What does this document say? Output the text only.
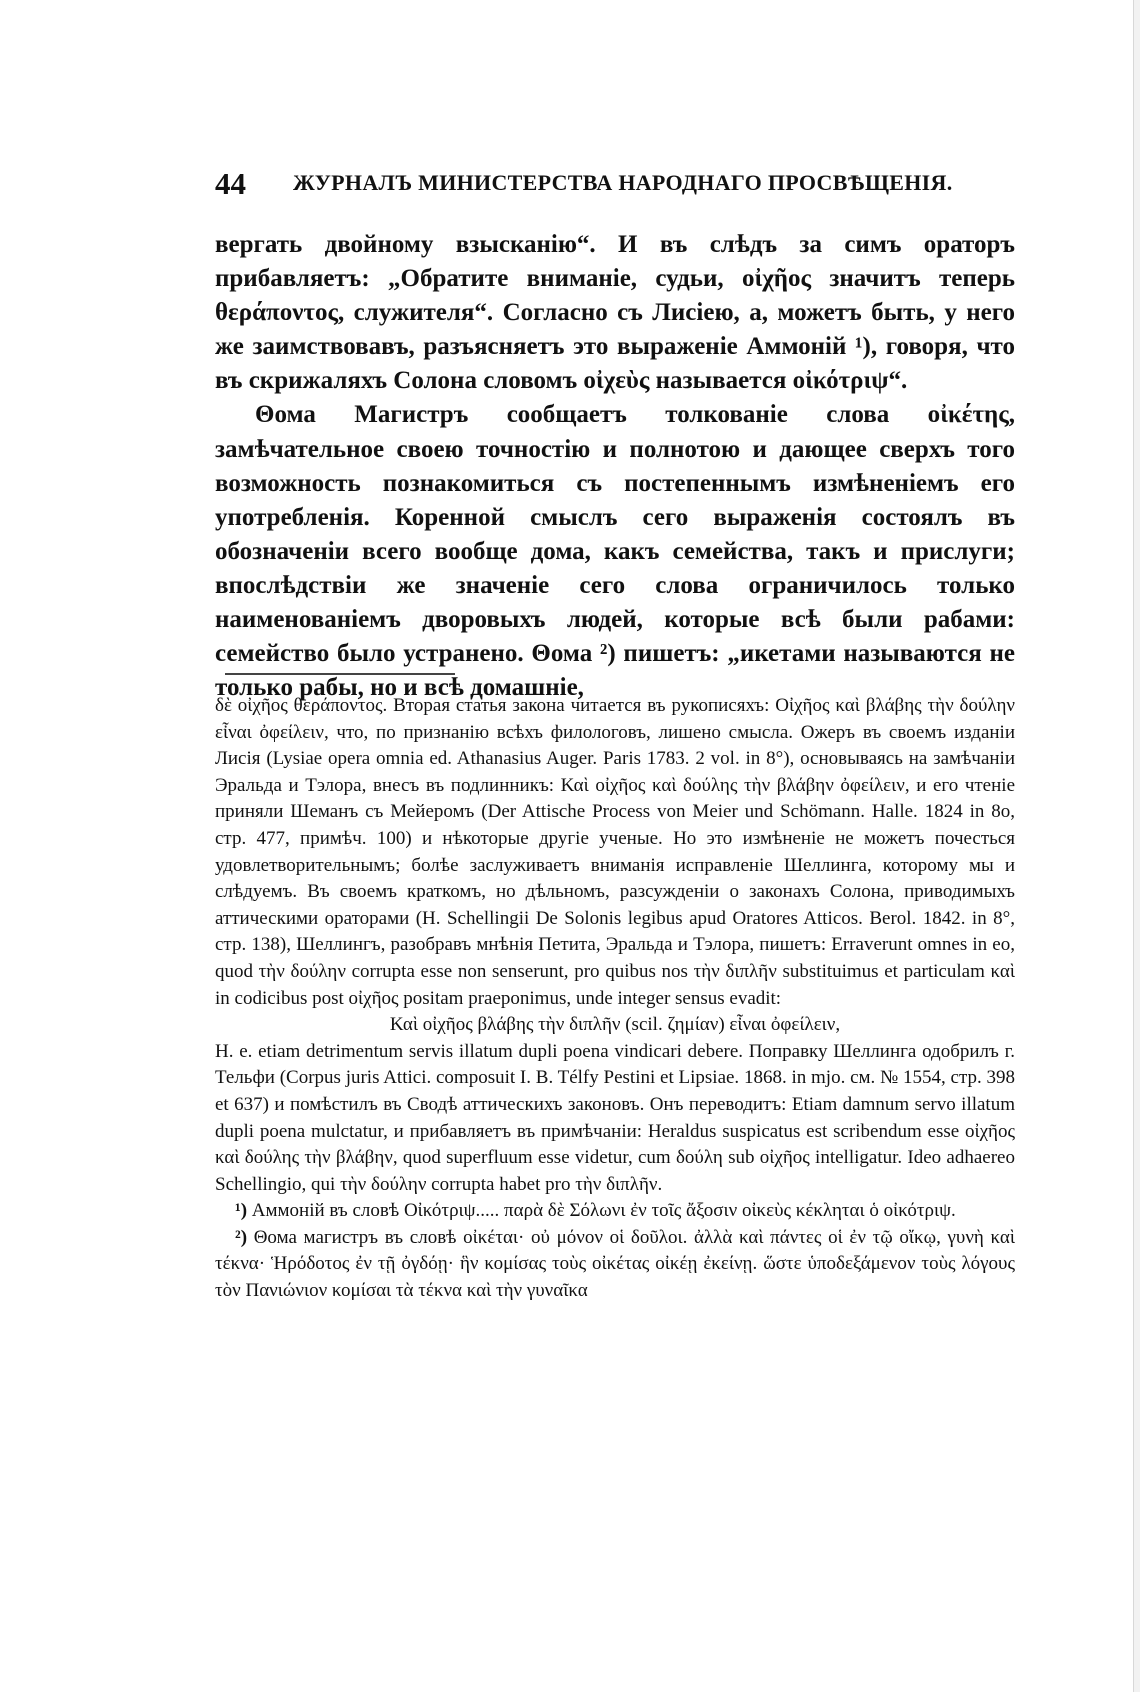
44 ЖУРНАЛЪ МИНИСТЕРСТВА НАРОДНАГО ПРОСВѢЩЕНІЯ.

вергать двойному взысканію“. И въ слѣдъ за симъ ораторъ прибавляетъ: „Обратите вниманіе, судьи, οἰχῆος значитъ теперь θεράποντος, служителя“. Согласно съ Лисіею, а, можетъ быть, у него же заимствовавъ, разъясняетъ это выраженіе Аммоній ¹), говоря, что въ скрижаляхъ Солона словомъ οἰχεὺς называется οἰκότριψ“.

Θома Магистръ сообщаетъ толкованіе слова οἰκέτης, замѣчательное своею точностію и полнотою и дающее сверхъ того возможность познакомиться съ постепеннымъ измѣненіемъ его употребленія. Коренной смыслъ сего выраженія состоялъ въ обозначеніи всего вообще дома, какъ семейства, такъ и прислуги; впослѣдствіи же значеніе сего слова ограничилось только наименованіемъ дворовыхъ людей, которые всѣ были рабами: семейство было устранено. Θома ²) пишетъ: „икетами называются не только рабы, но и всѣ домашніе,

δὲ οἰχῆος θεράποντος. Вторая статья закона читается въ рукописяхъ: Οἰχῆος καὶ βλάβης τὴν δούλην εἶναι ὀφείλειν, что, по признанію всѣхъ филологовъ, лишено смысла. Ожеръ въ своемъ изданіи Лисія (Lysiae opera omnia ed. Athanasius Auger. Paris 1783. 2 vol. in 8°), основываясь на замѣчаніи Эральда и Тэлора, внесъ въ подлинникъ: Καὶ οἰχῆος καὶ δούλης τὴν βλάβην ὀφείλειν, и его чтеніе приняли Шеманъ съ Мейеромъ (Der Attische Process von Meier und Schömann. Halle. 1824 in 8o, стр. 477, примѣч. 100) и нѣкоторые другіе ученые. Но это измѣненіе не можетъ почесться удовлетворительнымъ; болѣе заслуживаетъ вниманія исправленіе Шеллинга, которому мы и слѣдуемъ. Въ своемъ краткомъ, но дѣльномъ, разсужденіи о законахъ Солона, приводимыхъ аттическими ораторами (H. Schellingii De Solonis legibus apud Oratores Atticos. Berol. 1842. in 8°, стр. 138), Шеллингъ, разобравъ мнѣнія Петита, Эральда и Тэлора, пишетъ: Erraverunt omnes in eo, quod τὴν δούλην corrupta esse non senserunt, pro quibus nos τὴν διπλῆν substituimus et particulam καὶ in codicibus post οἰχῆος positam praeponimus, unde integer sensus evadit:

Καὶ οἰχῆος βλάβης τὴν διπλῆν (scil. ζημίαν) εἶναι ὀφείλειν,

H. e. etiam detrimentum servis illatum dupli poena vindicari debere. Поправку Шеллинга одобрилъ г. Тельфи (Corpus juris Attici. composuit I. B. Télfy Pestini et Lipsiae. 1868. in mjo. см. № 1554, стр. 398 et 637) и помѣстилъ въ Сводѣ аттическихъ законовъ. Онъ переводитъ: Etiam damnum servo illatum dupli poena mulctatur, и прибавляетъ въ примѣчаніи: Heraldus suspicatus est scribendum esse οἰχῆος καὶ δούλης τὴν βλάβην, quod superfluum esse videtur, cum δούλη sub οἰχῆος intelligatur. Ideo adhaereo Schellingio, qui τὴν δούλην corrupta habet pro τὴν διπλῆν.

¹) Аммоній въ словѣ Οἰκότριψ..... παρὰ δὲ Σόλωνι ἐν τοῖς ἄξοσιν οἰκεὺς κέκληται ὁ οἰκότριψ.

²) Θома магистръ въ словѣ οἰκέται· οὐ μόνον οἱ δοῦλοι. ἀλλὰ καὶ πάντες οἱ ἐν τῷ οἴκῳ, γυνὴ καὶ τέκνα· Ἡρόδοτος ἐν τῇ ὀγδόῃ· ἣν κομίσας τοὺς οἰκέτας οἰκέῃ ἐκείνῃ. ὥστε ὑποδεξάμενον τοὺς λόγους τὸν Πανιώνιον κομίσαι τὰ τέκνα καὶ τὴν γυναῖκα
